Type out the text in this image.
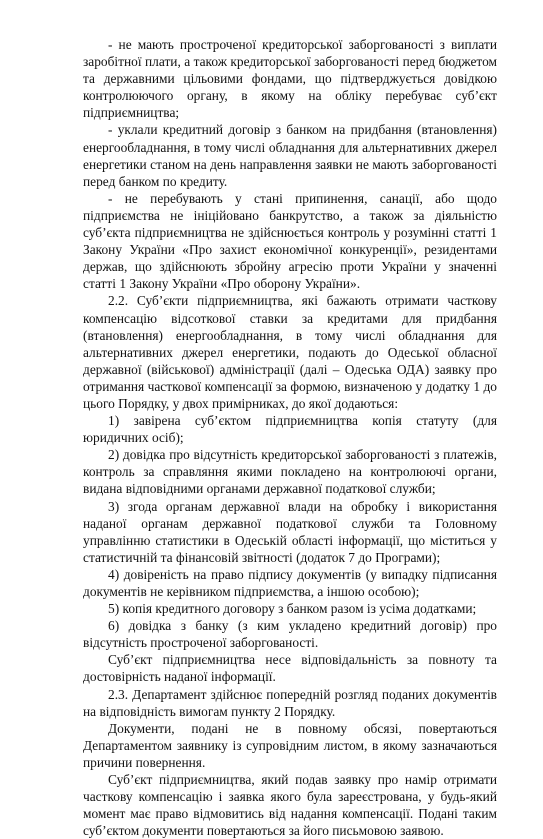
- не мають простроченої кредиторської заборгованості з виплати заробітної плати, а також кредиторської заборгованості перед бюджетом та державними цільовими фондами, що підтверджується довідкою контролюючого органу, в якому на обліку перебуває суб’єкт підприємництва;

- уклали кредитний договір з банком на придбання (втановлення) енергообладнання, в тому числі обладнання для альтернативних джерел енергетики станом на день направлення заявки не мають заборгованості перед банком по кредиту.

- не перебувають у стані припинення, санації, або щодо підприємства не ініційовано банкрутство, а також за діяльністю суб’єкта підприємництва не здійснюється контроль у розумінні статті 1 Закону України «Про захист економічної конкуренції», резидентами держав, що здійснюють збройну агресію проти України у значенні статті 1 Закону України «Про оборону України».

2.2. Суб’єкти підприємництва, які бажають отримати часткову компенсацію відсоткової ставки за кредитами для придбання (втановлення) енергообладнання, в тому числі обладнання для альтернативних джерел енергетики, подають до Одеської обласної державної (військової) адміністрації (далі – Одеська ОДА) заявку про отримання часткової компенсації за формою, визначеною у додатку 1 до цього Порядку, у двох примірниках, до якої додаються:

1) завірена суб’єктом підприємництва копія статуту (для юридичних осіб);

2) довідка про відсутність кредиторської заборгованості з платежів, контроль за справляння якими покладено на контролюючі органи, видана відповідними органами державної податкової служби;

3) згода органам державної влади на обробку і використання наданої органам державної податкової служби та Головному управлінню статистики в Одеській області інформації, що міститься у статистичній та фінансовій звітності (додаток 7 до Програми);

4) довіреність на право підпису документів (у випадку підписання документів не керівником підприємства, а іншою особою);

5) копія кредитного договору з банком разом із усіма додатками;

6) довідка з банку (з ким укладено кредитний договір) про відсутність простроченої заборгованості.

Суб’єкт підприємництва несе відповідальність за повноту та достовірність наданої інформації.

2.3. Департамент здійснює попередній розгляд поданих документів на відповідність вимогам пункту 2 Порядку.

Документи, подані не в повному обсязі, повертаються Департаментом заявнику із супровідним листом, в якому зазначаються причини повернення.

Суб’єкт підприємництва, який подав заявку про намір отримати часткову компенсацію і заявка якого була зареєстрована, у будь-який момент має право відмовитись від надання компенсації. Подані таким суб’єктом документи повертаються за його письмовою заявою.
